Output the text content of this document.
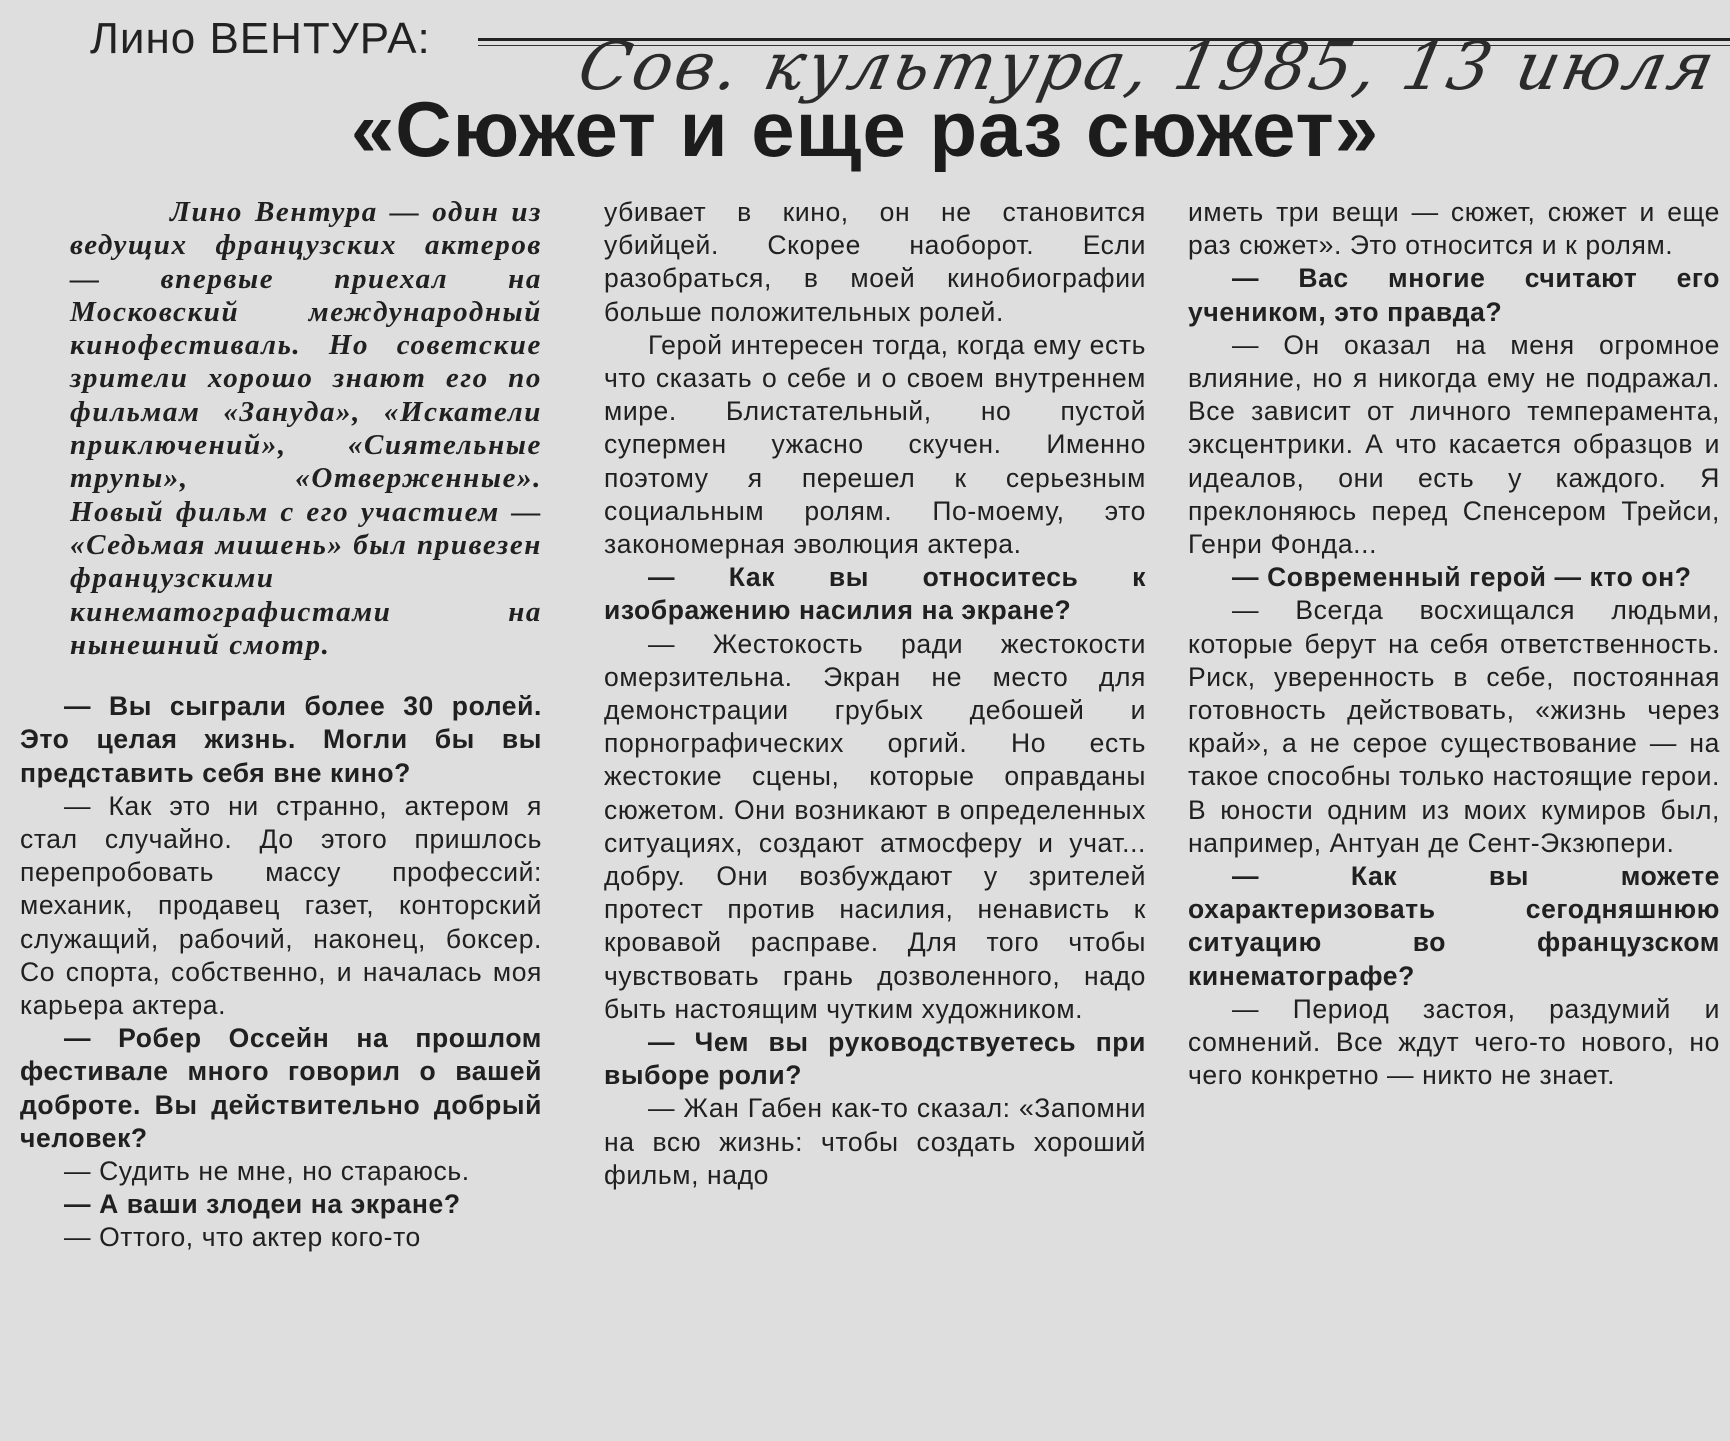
Лино ВЕНТУРА: Сов. культура, 1985, 13 июля
«Сюжет и еще раз сюжет»

Лино Вентура — один из ведущих французских актеров — впервые приехал на Московский международный кинофестиваль. Но советские зрители хорошо знают его по фильмам «Зануда», «Искатели приключений», «Сиятельные трупы», «Отверженные». Новый фильм с его участием — «Седьмая мишень» был привезен французскими кинематографистами на нынешний смотр.

— Вы сыграли более 30 ролей. Это целая жизнь. Могли бы вы представить себя вне кино?

— Как это ни странно, актером я стал случайно. До этого пришлось перепробовать массу профессий: механик, продавец газет, конторский служащий, рабочий, наконец, боксер. Со спорта, собственно, и началась моя карьера актера.

— Робер Оссейн на прошлом фестивале много говорил о вашей доброте. Вы действительно добрый человек?

— Судить не мне, но стараюсь.

— А ваши злодеи на экране?

— Оттого, что актер кого-то

убивает в кино, он не становится убийцей. Скорее наоборот. Если разобраться, в моей кинобиографии больше положительных ролей.

Герой интересен тогда, когда ему есть что сказать о себе и о своем внутреннем мире. Блистательный, но пустой супермен ужасно скучен. Именно поэтому я перешел к серьезным социальным ролям. По-моему, это закономерная эволюция актера.

— Как вы относитесь к изображению насилия на экране?

— Жестокость ради жестокости омерзительна. Экран не место для демонстрации грубых дебошей и порнографических оргий. Но есть жестокие сцены, которые оправданы сюжетом. Они возникают в определенных ситуациях, создают атмосферу и учат... добру. Они возбуждают у зрителей протест против насилия, ненависть к кровавой расправе. Для того чтобы чувствовать грань дозволенного, надо быть настоящим чутким художником.

— Чем вы руководствуетесь при выборе роли?

— Жан Габен как-то сказал: «Запомни на всю жизнь: чтобы создать хороший фильм, надо

иметь три вещи — сюжет, сюжет и еще раз сюжет». Это относится и к ролям.

— Вас многие считают его учеником, это правда?

— Он оказал на меня огромное влияние, но я никогда ему не подражал. Все зависит от личного темперамента, эксцентрики. А что касается образцов и идеалов, они есть у каждого. Я преклоняюсь перед Спенсером Трейси, Генри Фонда...

— Современный герой — кто он?

— Всегда восхищался людьми, которые берут на себя ответственность. Риск, уверенность в себе, постоянная готовность действовать, «жизнь через край», а не серое существование — на такое способны только настоящие герои. В юности одним из моих кумиров был, например, Антуан де Сент-Экзюпери.

— Как вы можете охарактеризовать сегодняшнюю ситуацию во французском кинематографе?

— Период застоя, раздумий и сомнений. Все ждут чего-то нового, но чего конкретно — никто не знает.
